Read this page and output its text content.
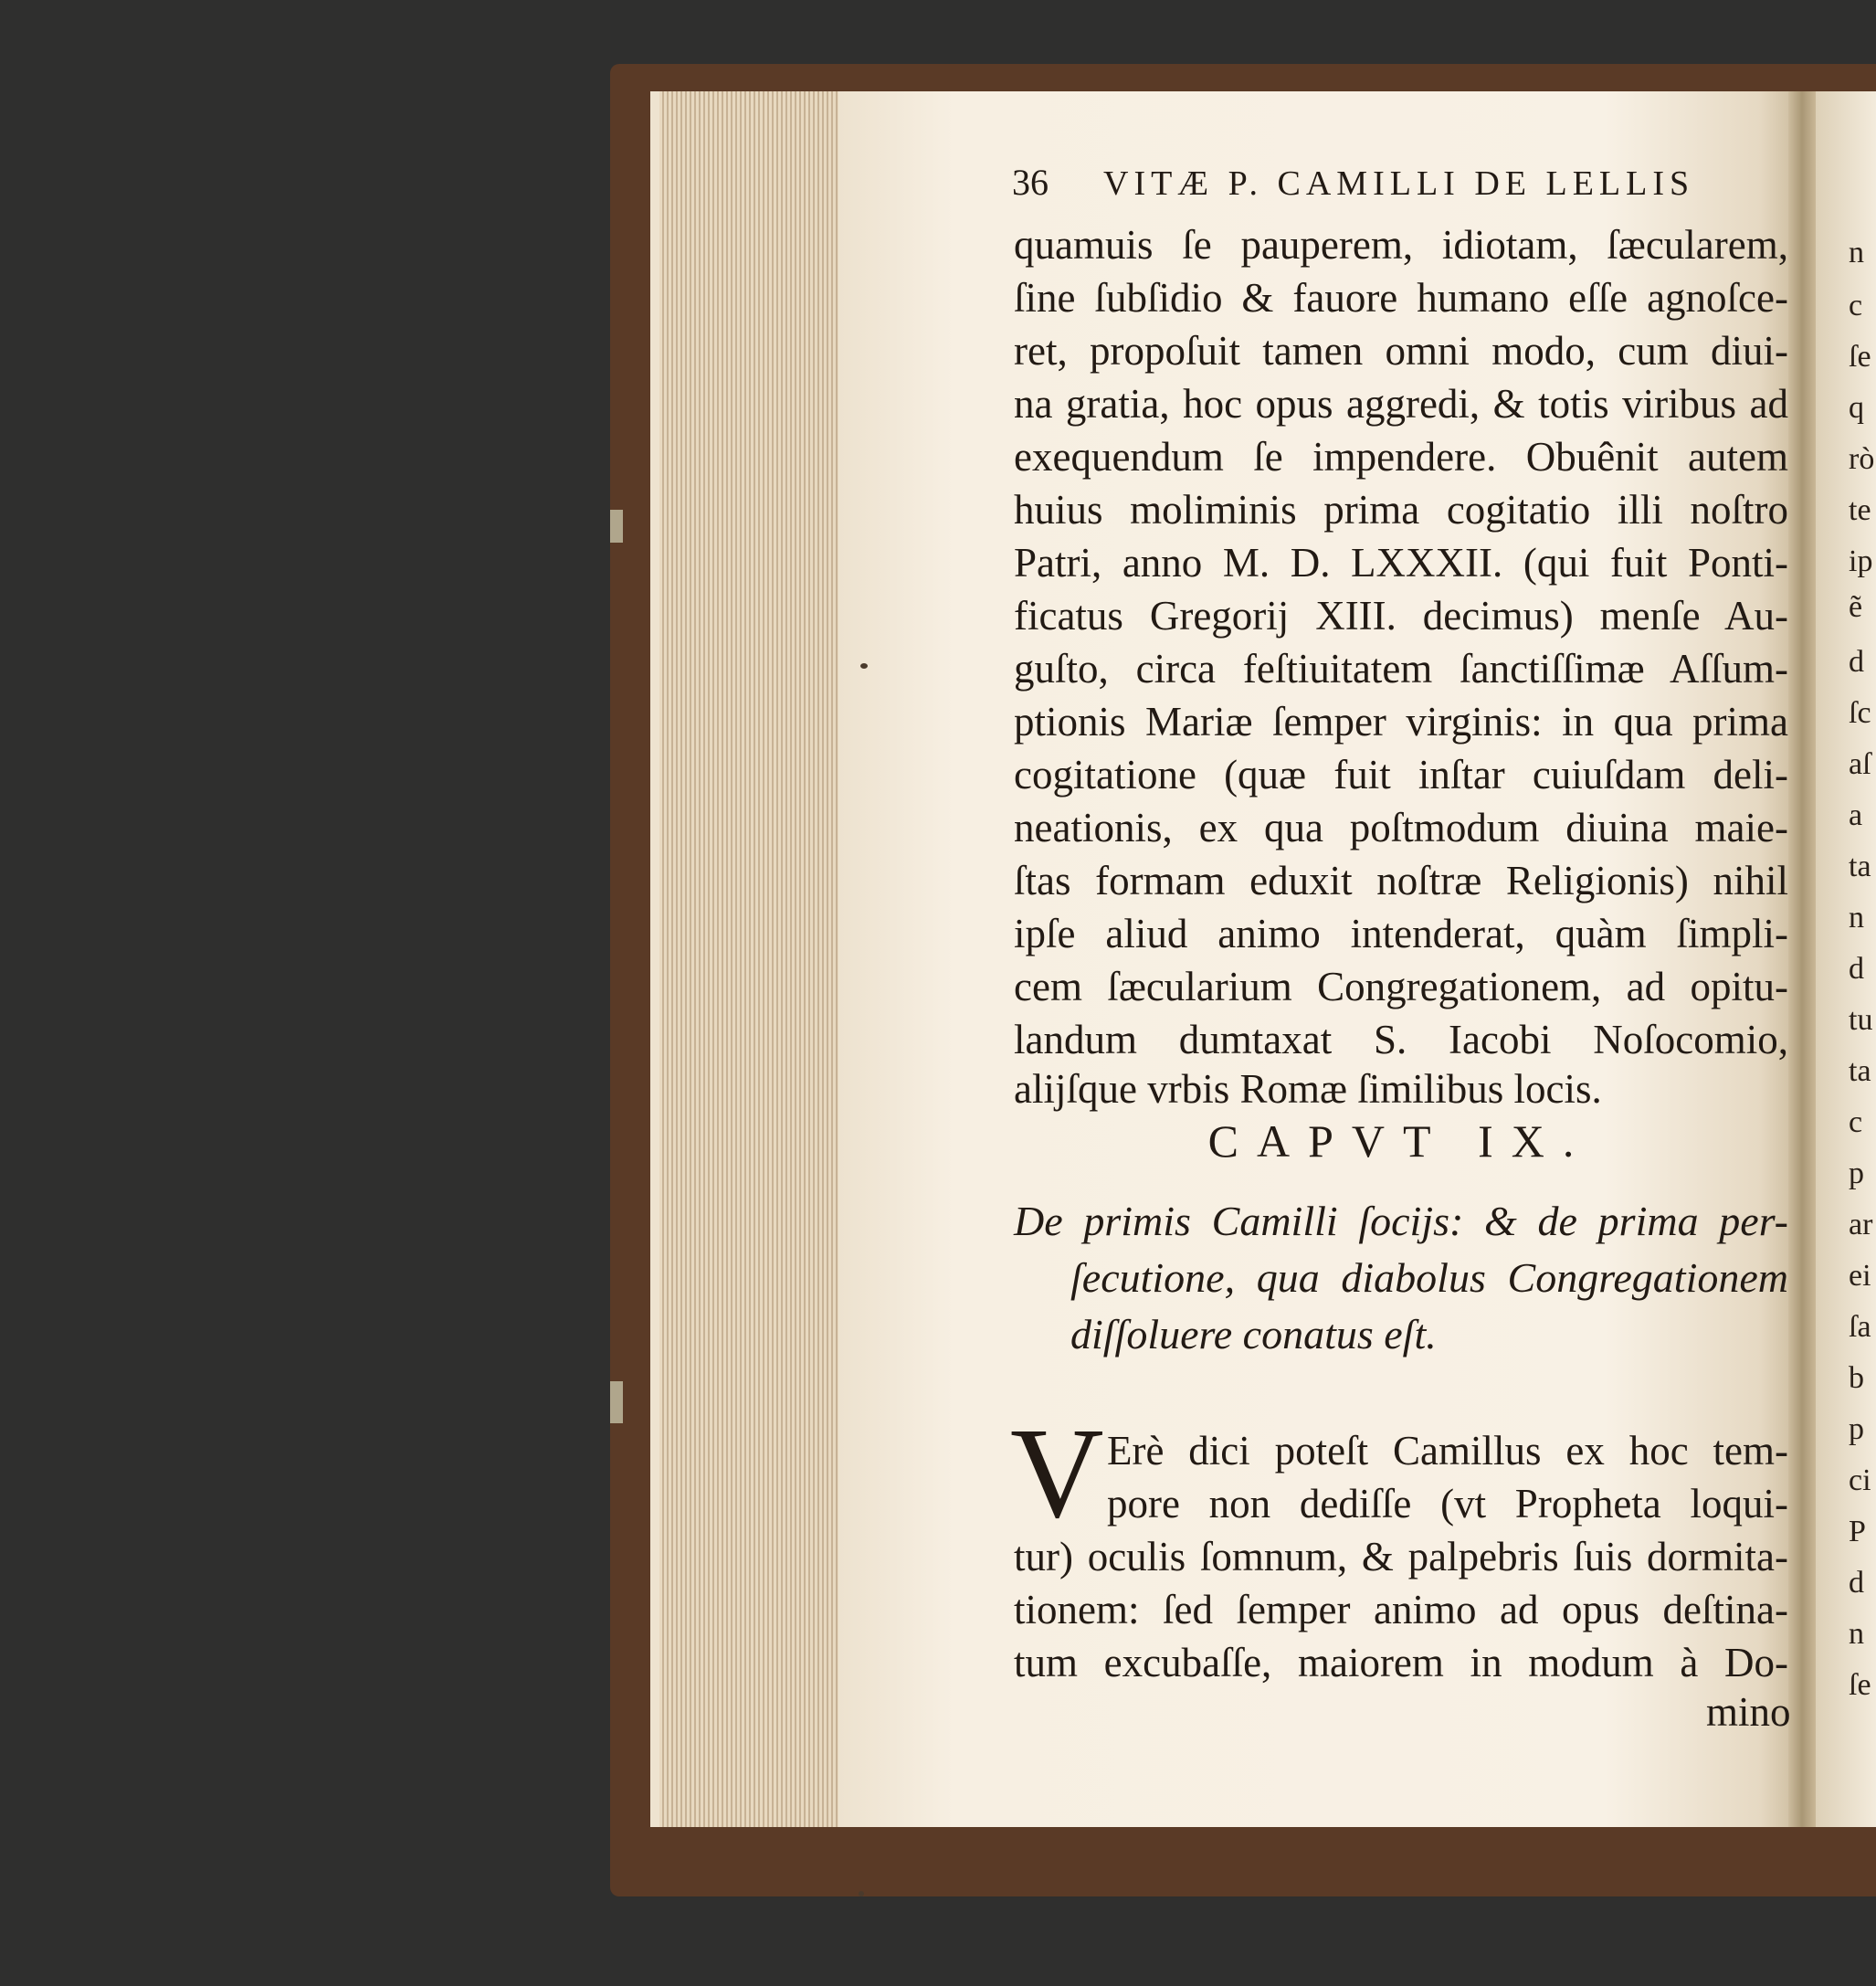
36	VITÆ P. CAMILLI DE LELLIS
quamuis ſe pauperem, idiotam, ſæcularem,
ſine ſubſidio & fauore humano eſſe agnoſce-
ret, propoſuit tamen omni modo, cum diui-
na gratia, hoc opus aggredi, & totis viribus ad
exequendum ſe impendere. Obuênit autem
huius moliminis prima cogitatio illi noſtro
Patri, anno M. D. LXXXII. (qui fuit Ponti-
ficatus Gregorij XIII. decimus) menſe Au-
guſto, circa feſtiuitatem ſanctiſſimæ Aſſum-
ptionis Mariæ ſemper virginis: in qua prima
cogitatione (quæ fuit inſtar cuiuſdam deli-
neationis, ex qua poſtmodum diuina maie-
ſtas formam eduxit noſtræ Religionis) nihil
ipſe aliud animo intenderat, quàm ſimpli-
cem ſæcularium Congregationem, ad opitu-
landum dumtaxat S. Iacobi Noſocomio,
alijſque vrbis Romæ ſimilibus locis.
CAPVT IX.
De primis Camilli ſocijs: & de prima per-
ſecutione, qua diabolus Congregationem
diſſoluere conatus eſt.
V Erè dici poteſt Camillus ex hoc tem-
pore non dediſſe (vt Propheta loqui-
tur) oculis ſomnum, & palpebris ſuis dormita-
tionem: ſed ſemper animo ad opus deſtina-
tum excubaſſe, maiorem in modum à Do-
mino
n
c
ſe
q
rò
te
ip
ẽ
d
ſc
aſ
a
ta
n
d
tu
ta
c
p
ar
ei
ſa
b
p
ci
P
d
n
ſe
